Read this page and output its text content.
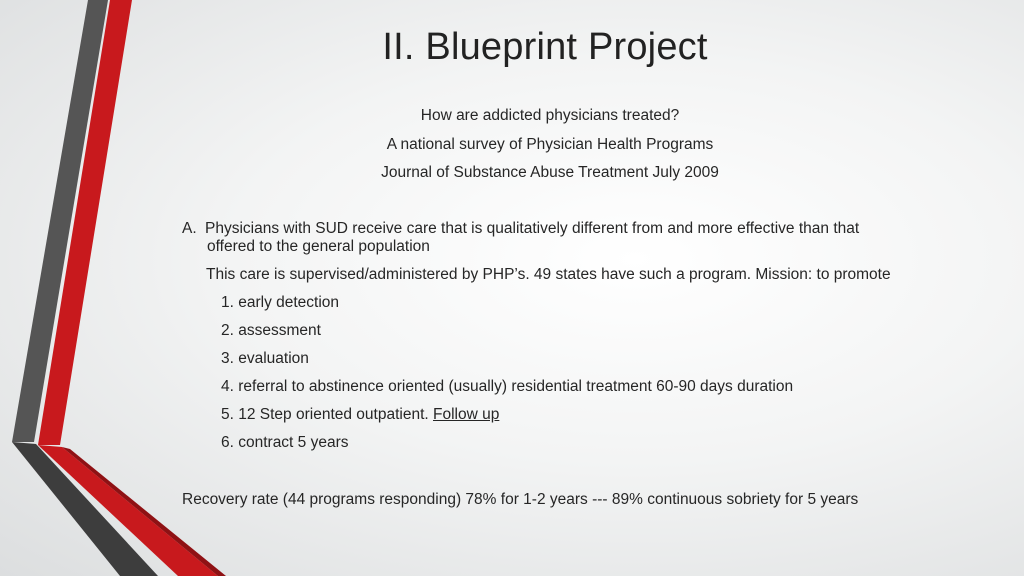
II. Blueprint Project
How are addicted physicians treated?
A national survey of Physician Health Programs
Journal of Substance Abuse Treatment July 2009
A. Physicians with SUD receive care that is qualitatively different from and more effective than that
offered to the general population
This care is supervised/administered by PHP’s. 49 states have such a program. Mission: to promote
1. early detection
2. assessment
3. evaluation
4. referral to abstinence oriented (usually) residential treatment 60-90 days duration
5. 12 Step oriented outpatient. Follow up
6. contract 5 years
Recovery rate (44 programs responding) 78% for 1-2 years --- 89% continuous sobriety for 5 years
